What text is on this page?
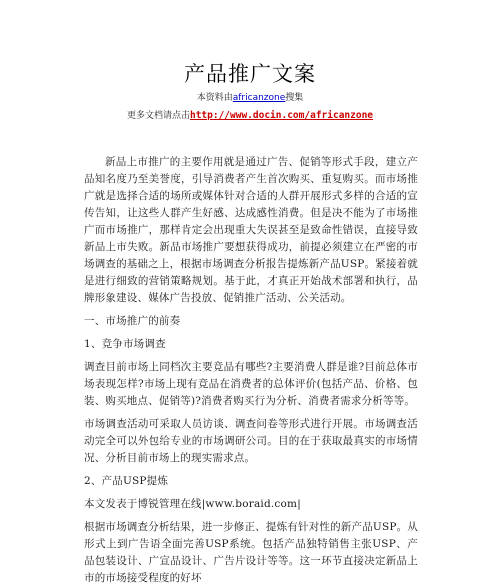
产品推广文案
本资料由africanzone搜集
更多文档请点击http://www.docin.com/africanzone

新品上市推广的主要作用就是通过广告、促销等形式手段，建立产品知名度乃至美誉度，引导消费者产生首次购买、重复购买。而市场推广就是选择合适的场所或媒体针对合适的人群开展形式多样的合适的宣传告知，让这些人群产生好感、达成感性消费。但是决不能为了市场推广而市场推广，那样肯定会出现重大失误甚至是致命性错误，直接导致新品上市失败。新品市场推广要想获得成功，前提必须建立在严密的市场调查的基础之上，根据市场调查分析报告提炼新产品USP。紧接着就是进行细致的营销策略规划。基于此，才真正开始战术部署和执行，品牌形象建设、媒体广告投放、促销推广活动、公关活动。

一、市场推广的前奏

1、竞争市场调查

调查目前市场上同档次主要竞品有哪些?主要消费人群是谁?目前总体市场表现怎样?市场上现有竞品在消费者的总体评价(包括产品、价格、包装、购买地点、促销等)?消费者购买行为分析、消费者需求分析等等。

市场调查活动可采取人员访谈、调查问卷等形式进行开展。市场调查活动完全可以外包给专业的市场调研公司。目的在于获取最真实的市场情况、分析目前市场上的现实需求点。

2、产品USP提炼

本文发表于博锐管理在线|www.boraid.com|

根据市场调查分析结果，进一步修正、提炼有针对性的新产品USP。从形式上到广告语全面完善USP系统。包括产品独特销售主张USP、产品包装设计、广宣品设计、广告片设计等等。这一环节直接决定新品上市的市场接受程度的好坏
